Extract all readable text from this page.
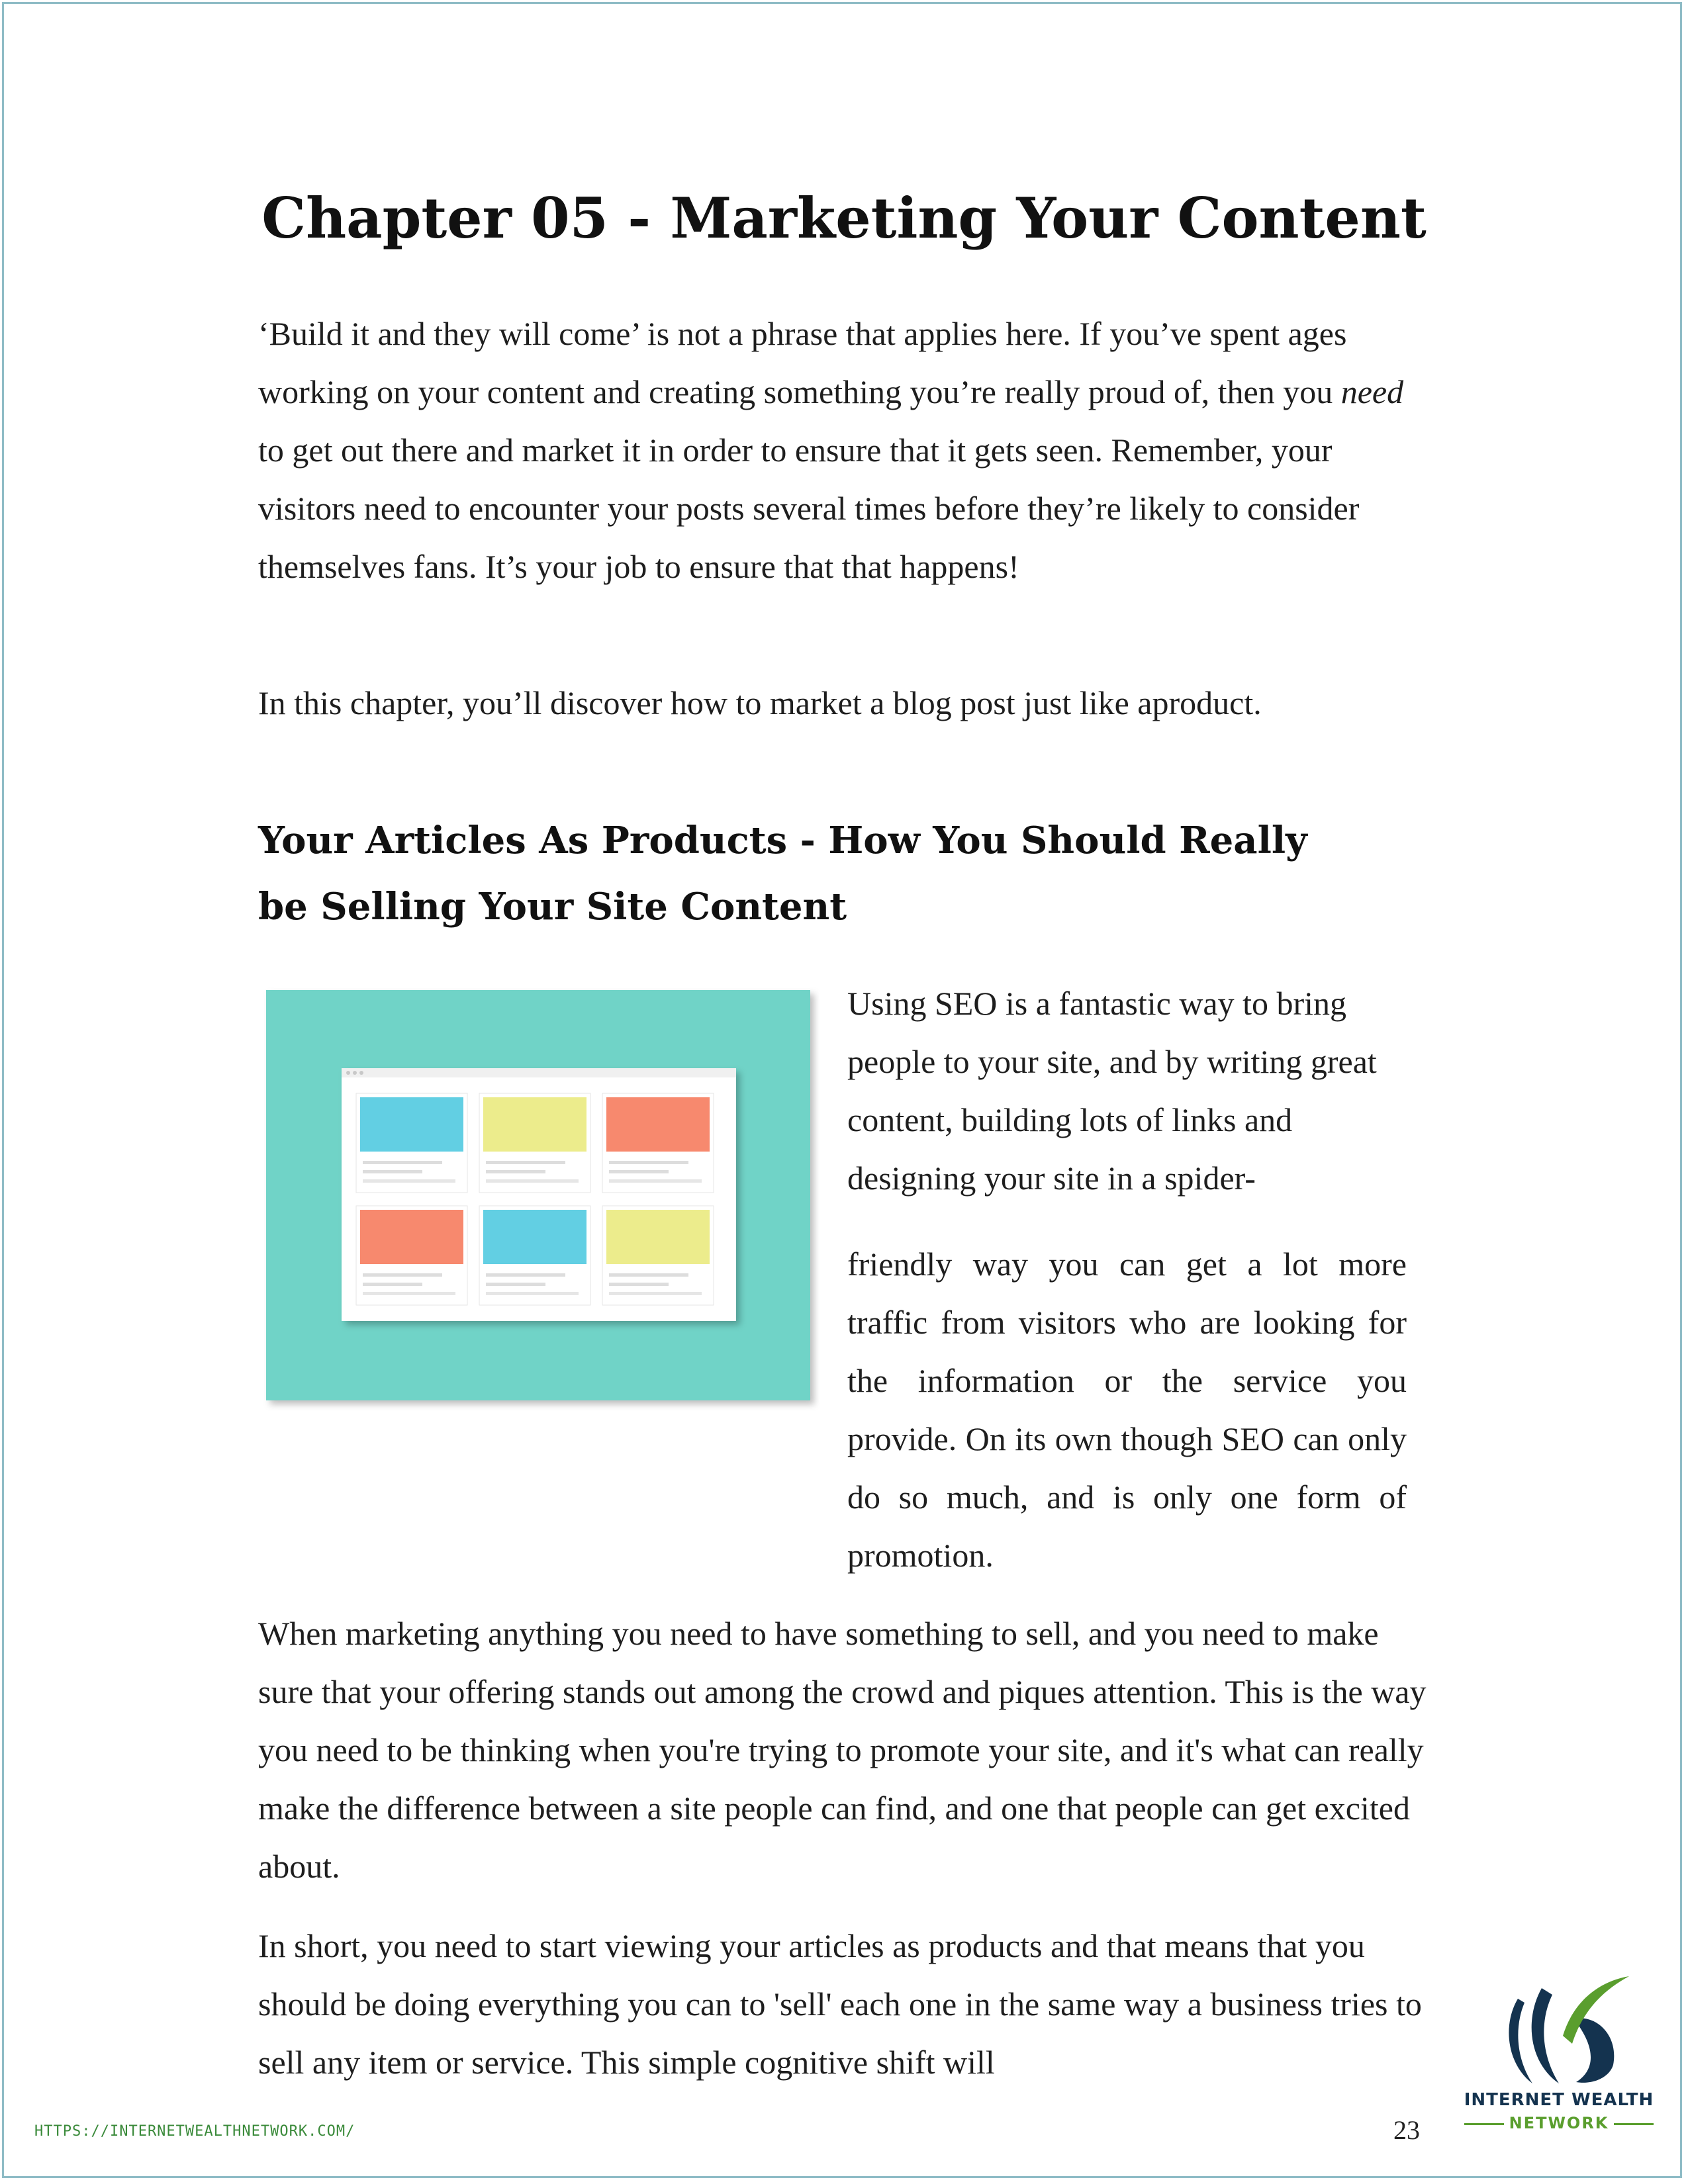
Chapter 05 - Marketing Your Content

‘Build it and they will come’ is not a phrase that applies here. If you’ve spent ages working on your content and creating something you’re really proud of, then you need to get out there and market it in order to ensure that it gets seen. Remember, your visitors need to encounter your posts several times before they’re likely to consider themselves fans. It’s your job to ensure that that happens!

In this chapter, you’ll discover how to market a blog post just like aproduct.

Your Articles As Products - How You Should Really
be Selling Your Site Content

Using SEO is a fantastic way to bring people to your site, and by writing great content, building lots of links and designing your site in a spider-

friendly way you can get a lot more traffic from visitors who are looking for the information or the service you provide. On its own though SEO can only do so much, and is only one form of promotion.

When marketing anything you need to have something to sell, and you need to make sure that your offering stands out among the crowd and piques attention. This is the way you need to be thinking when you're trying to promote your site, and it's what can really make the difference between a site people can find, and one that people can get excited about.

In short, you need to start viewing your articles as products and that means that you should be doing everything you can to 'sell' each one in the same way a business tries to sell any item or service. This simple cognitive shift will

HTTPS://INTERNETWEALTHNETWORK.COM/	23

INTERNET WEALTH

NETWORK
